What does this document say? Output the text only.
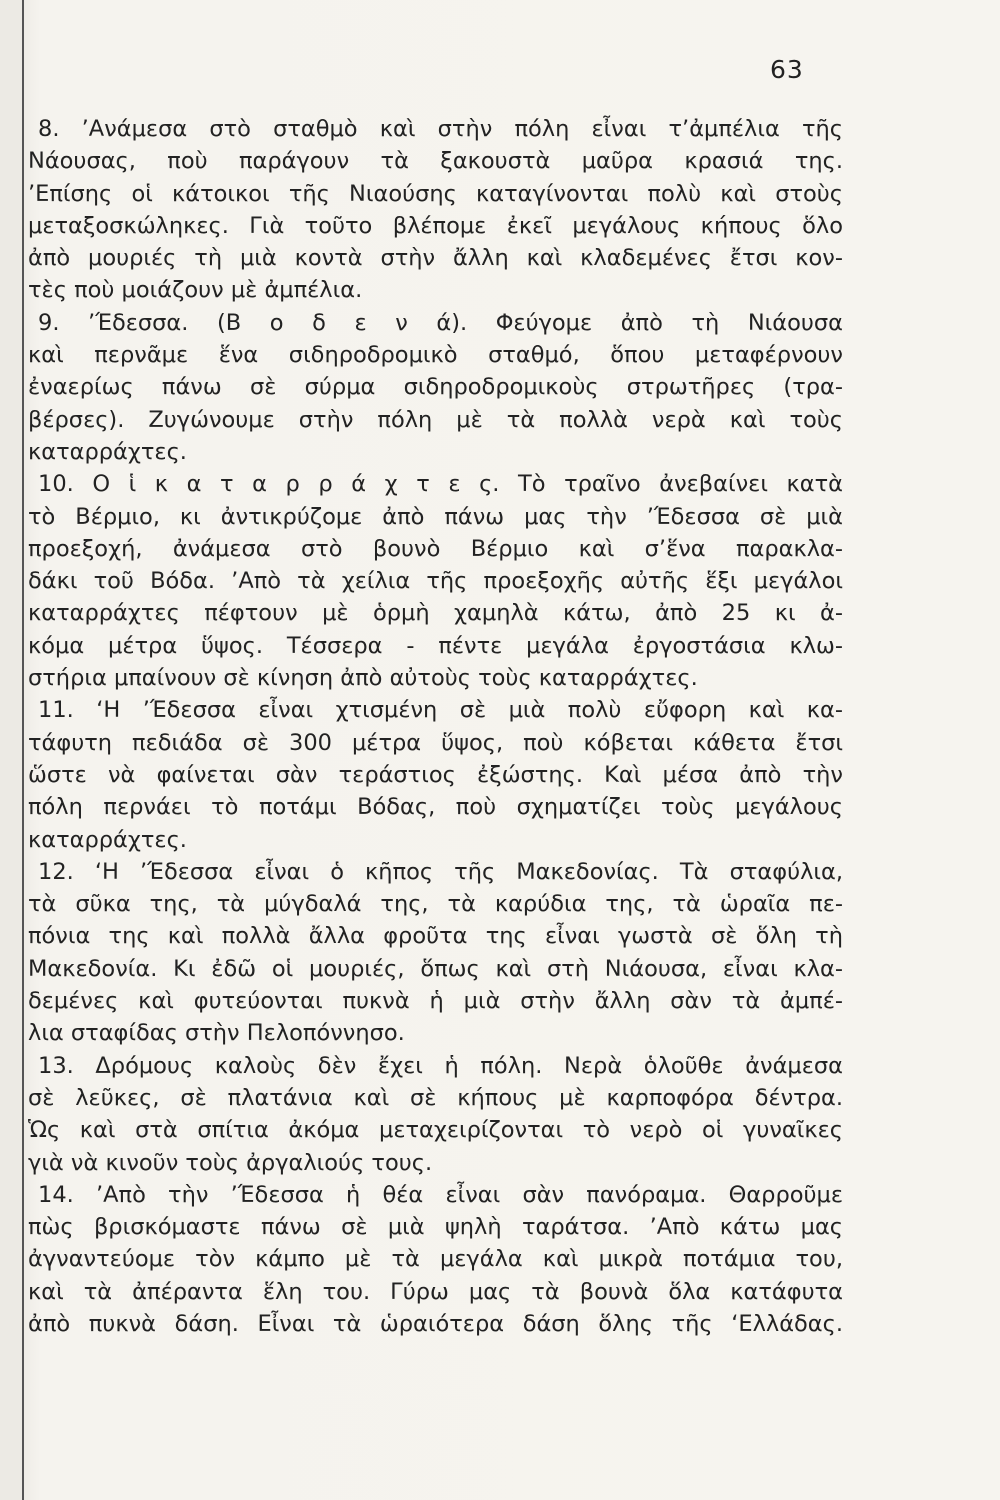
63
8. ’Ανάμεσα στὸ σταθμὸ καὶ στὴν πόλη εἶναι τ’ἀμπέλια τῆς
Νάουσας, ποὺ παράγουν τὰ ξακουστὰ μαῦρα κρασιά της.
’Επίσης οἱ κάτοικοι τῆς Νιαούσης καταγίνονται πολὺ καὶ στοὺς
μεταξοσκώληκες. Γιὰ τοῦτο βλέπομε ἐκεῖ μεγάλους κήπους ὅλο
ἀπὸ μουριές τὴ μιὰ κοντὰ στὴν ἄλλη καὶ κλαδεμένες ἔτσι κον-
τὲς ποὺ μοιάζουν μὲ ἀμπέλια.
9. ’Έδεσσα. (Β ο δ ε ν ά). Φεύγομε ἀπὸ τὴ Νιάουσα
καὶ περνᾶμε ἕνα σιδηροδρομικὸ σταθμό, ὅπου μεταφέρνουν
ἐναερίως πάνω σὲ σύρμα σιδηροδρομικοὺς στρωτῆρες (τρα-
βέρσες). Ζυγώνουμε στὴν πόλη μὲ τὰ πολλὰ νερὰ καὶ τοὺς
καταρράχτες.
10. Ο ἱ κ α τ α ρ ρ ά χ τ ε ς. Τὸ τραῖνο ἀνεβαίνει κατὰ
τὸ Βέρμιο, κι ἀντικρύζομε ἀπὸ πάνω μας τὴν ’Έδεσσα σὲ μιὰ
προεξοχή, ἀνάμεσα στὸ βουνὸ Βέρμιο καὶ σ’ἕνα παρακλα-
δάκι τοῦ Βόδα. ’Απὸ τὰ χείλια τῆς προεξοχῆς αὐτῆς ἕξι μεγάλοι
καταρράχτες πέφτουν μὲ ὁρμὴ χαμηλὰ κάτω, ἀπὸ 25 κι ἀ-
κόμα μέτρα ὕψος. Τέσσερα - πέντε μεγάλα ἐργοστάσια κλω-
στήρια μπαίνουν σὲ κίνηση ἀπὸ αὐτοὺς τοὺς καταρράχτες.
11. ‘Η ’Έδεσσα εἶναι χτισμένη σὲ μιὰ πολὺ εὔφορη καὶ κα-
τάφυτη πεδιάδα σὲ 300 μέτρα ὕψος, ποὺ κόβεται κάθετα ἔτσι
ὥστε νὰ φαίνεται σὰν τεράστιος ἐξώστης. Καὶ μέσα ἀπὸ τὴν
πόλη περνάει τὸ ποτάμι Βόδας, ποὺ σχηματίζει τοὺς μεγάλους
καταρράχτες.
12. ‘Η ’Έδεσσα εἶναι ὁ κῆπος τῆς Μακεδονίας. Τὰ σταφύλια,
τὰ σῦκα της, τὰ μύγδαλά της, τὰ καρύδια της, τὰ ὡραῖα πε-
πόνια της καὶ πολλὰ ἄλλα φροῦτα της εἶναι γωστὰ σὲ ὅλη τὴ
Μακεδονία. Κι ἐδῶ οἱ μουριές, ὅπως καὶ στὴ Νιάουσα, εἶναι κλα-
δεμένες καὶ φυτεύονται πυκνὰ ἡ μιὰ στὴν ἄλλη σὰν τὰ ἀμπέ-
λια σταφίδας στὴν Πελοπόννησο.
13. Δρόμους καλοὺς δὲν ἔχει ἡ πόλη. Νερὰ ὁλοῦθε ἀνάμεσα
σὲ λεῦκες, σὲ πλατάνια καὶ σὲ κήπους μὲ καρποφόρα δέντρα.
Ὡς καὶ στὰ σπίτια ἀκόμα μεταχειρίζονται τὸ νερὸ οἱ γυναῖκες
γιὰ νὰ κινοῦν τοὺς ἀργαλιούς τους.
14. ’Απὸ τὴν ’Έδεσσα ἡ θέα εἶναι σὰν πανόραμα. Θαρροῦμε
πὼς βρισκόμαστε πάνω σὲ μιὰ ψηλὴ ταράτσα. ’Απὸ κάτω μας
ἀγναντεύομε τὸν κάμπο μὲ τὰ μεγάλα καὶ μικρὰ ποτάμια του,
καὶ τὰ ἀπέραντα ἕλη του. Γύρω μας τὰ βουνὰ ὅλα κατάφυτα
ἀπὸ πυκνὰ δάση. Εἶναι τὰ ὡραιότερα δάση ὅλης τῆς ‘Ελλάδας.
